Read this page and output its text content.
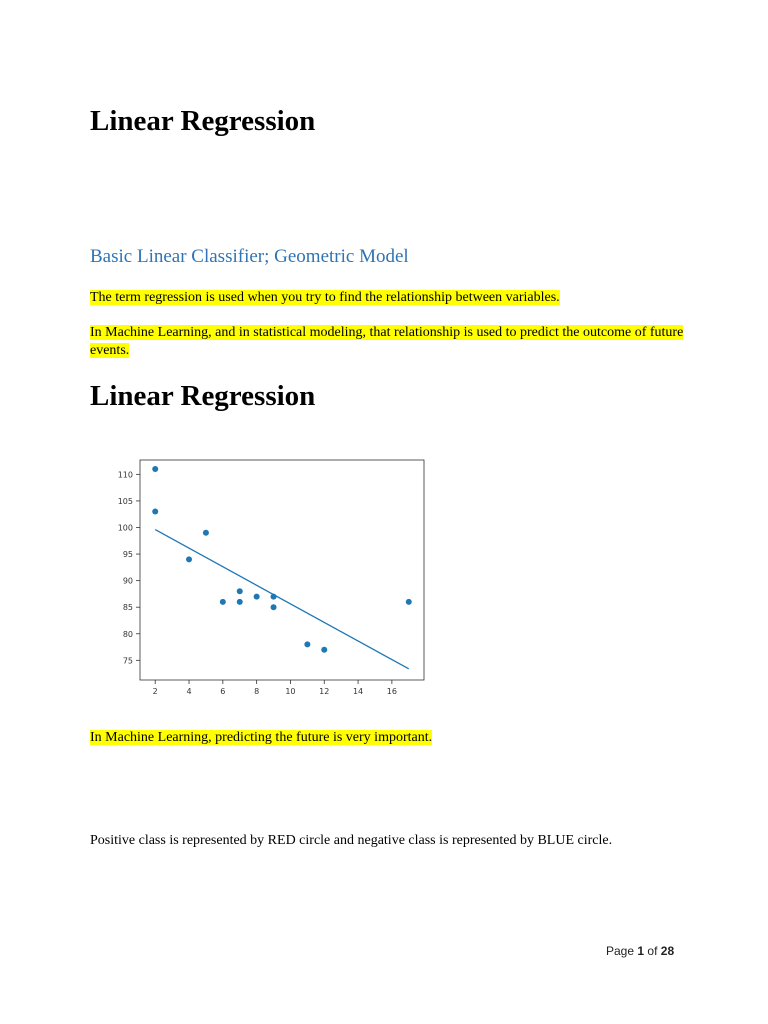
Linear Regression
Basic Linear Classifier; Geometric Model

The term regression is used when you try to find the relationship between variables.

In Machine Learning, and in statistical modeling, that relationship is used to predict the outcome of future events.

Linear Regression
2	4	6	8	10	12	14	16
75
80
85
90
95
100
105
110

In Machine Learning, predicting the future is very important.

Positive class is represented by RED circle and negative class is represented by BLUE circle.

Page 1 of 28
